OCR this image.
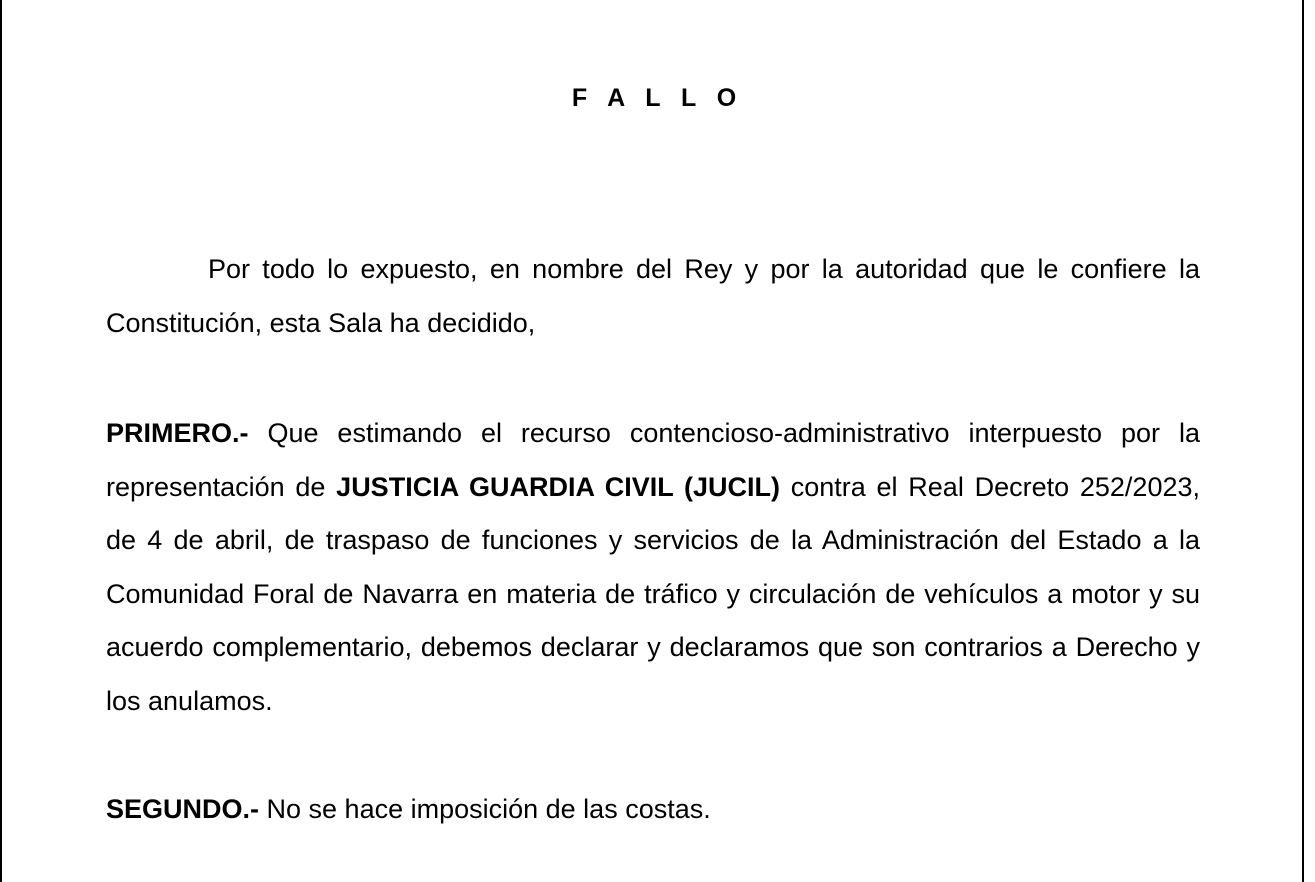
F A L L O

Por todo lo expuesto, en nombre del Rey y por la autoridad que le confiere la Constitución, esta Sala ha decidido,

PRIMERO.- Que estimando el recurso contencioso-administrativo interpuesto por la representación de JUSTICIA GUARDIA CIVIL (JUCIL) contra el Real Decreto 252/2023, de 4 de abril, de traspaso de funciones y servicios de la Administración del Estado a la Comunidad Foral de Navarra en materia de tráfico y circulación de vehículos a motor y su acuerdo complementario, debemos declarar y declaramos que son contrarios a Derecho y los anulamos.

SEGUNDO.- No se hace imposición de las costas.
